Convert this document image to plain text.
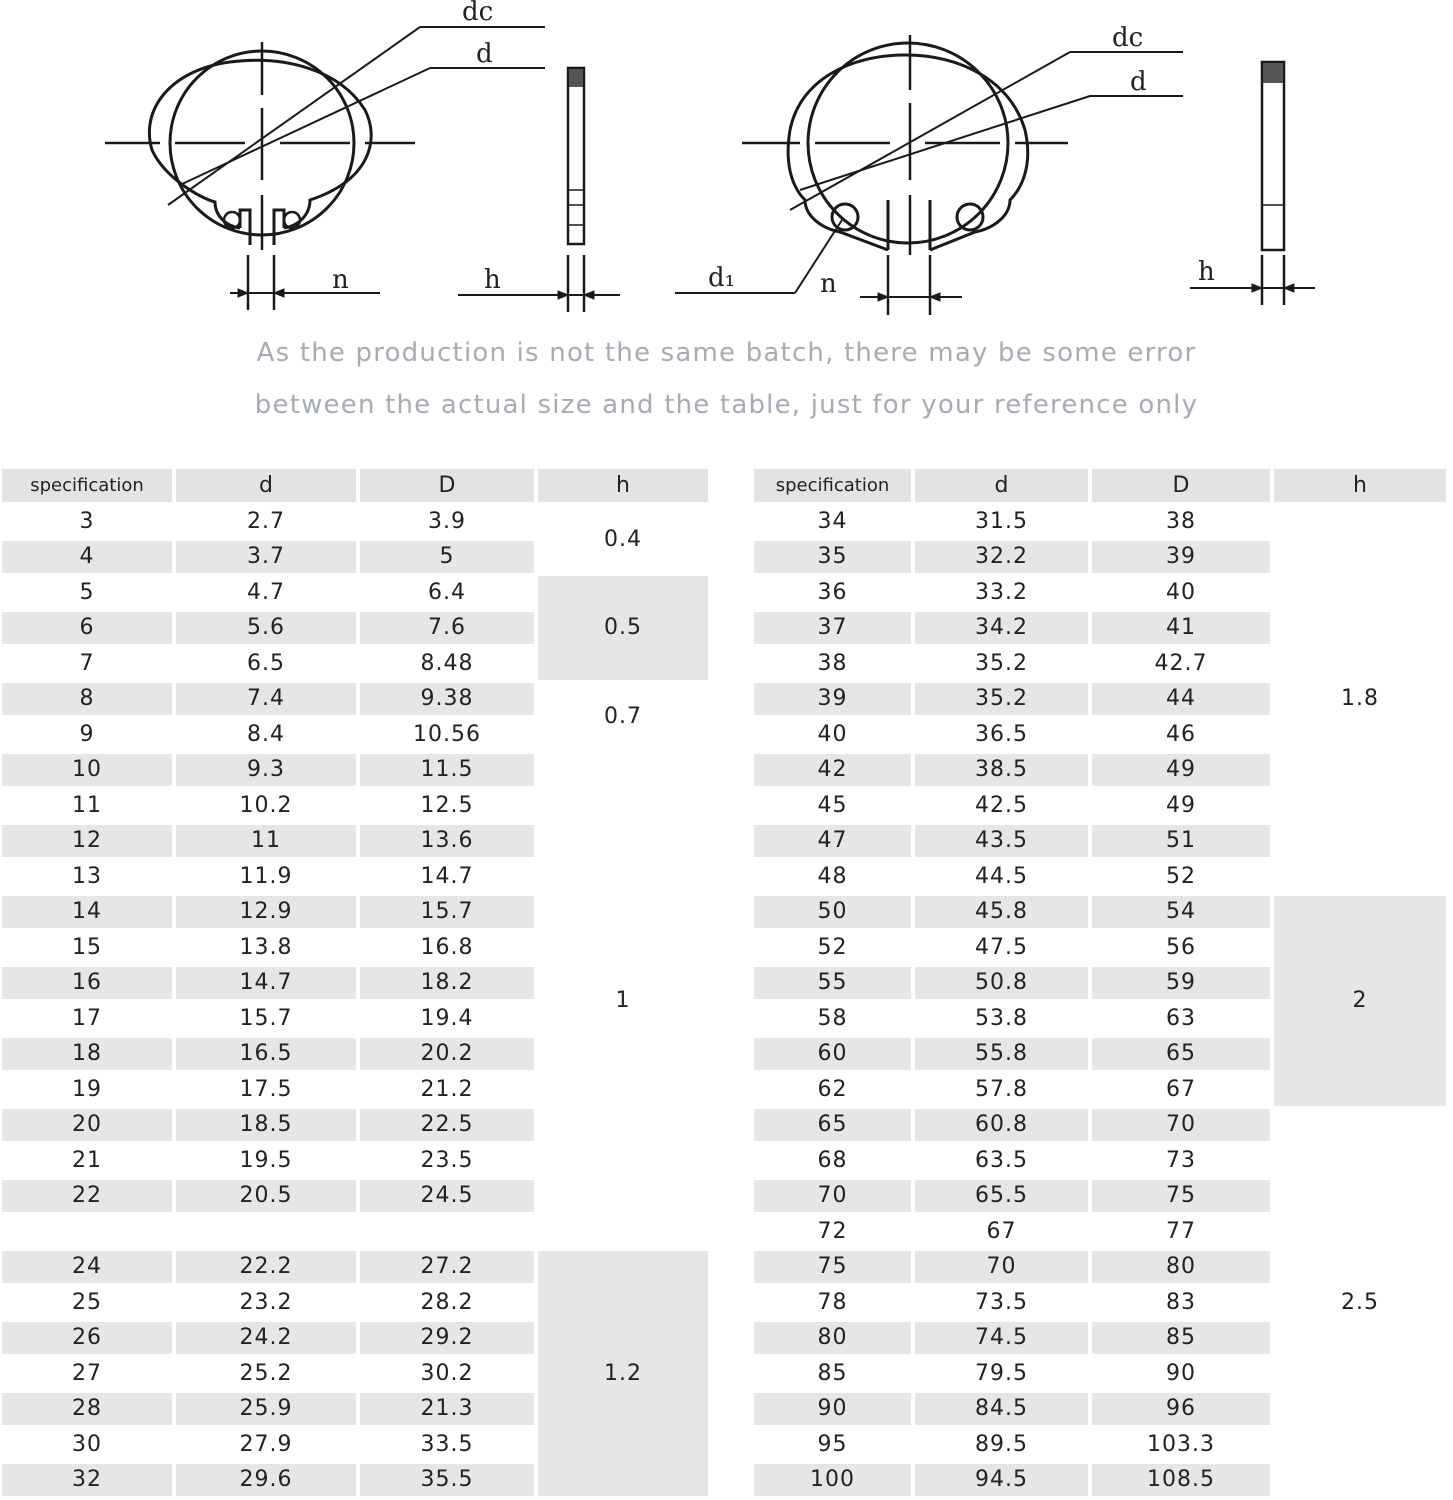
dc
d
n	h
dc
d
d₁	n	h

As the production is not the same batch, there may be some error

between the actual size and the table, just for your reference only

specification	d	D	h
3	2.7	3.9	0.4
4	3.7	5	
5	4.7	6.4	0.5
6	5.6	7.6	
7	6.5	8.48	
8	7.4	9.38	0.7
9	8.4	10.56	
10	9.3	11.5	1
11	10.2	12.5	
12	11	13.6	
13	11.9	14.7	
14	12.9	15.7	
15	13.8	16.8	
16	14.7	18.2	
17	15.7	19.4	
18	16.5	20.2	
19	17.5	21.2	
20	18.5	22.5	
21	19.5	23.5	
22	20.5	24.5	

24	22.2	27.2	1.2
25	23.2	28.2	
26	24.2	29.2	
27	25.2	30.2	
28	25.9	21.3	
30	27.9	33.5	
32	29.6	35.5	
specification	d	D	h
34	31.5	38	1.8
35	32.2	39	
36	33.2	40	
37	34.2	41	
38	35.2	42.7	
39	35.2	44	
40	36.5	46	
42	38.5	49	
45	42.5	49	
47	43.5	51	
48	44.5	52	
50	45.8	54	2
52	47.5	56	
55	50.8	59	
58	53.8	63	
60	55.8	65	
62	57.8	67	
65	60.8	70	2.5
68	63.5	73	
70	65.5	75	
72	67	77	
75	70	80	
78	73.5	83	
80	74.5	85	
85	79.5	90	
90	84.5	96	
95	89.5	103.3	
100	94.5	108.5	
